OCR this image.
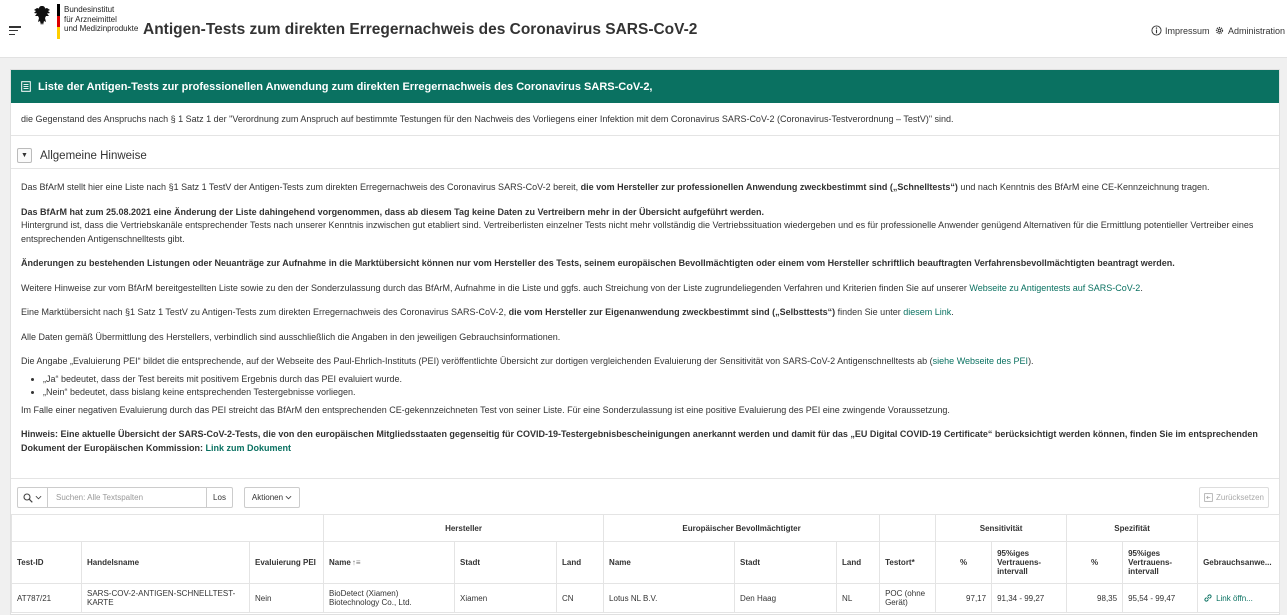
Bundesinstitut
für Arzneimittel
und Medizinprodukte Antigen-Tests zum direkten Erregernachweis des Coronavirus SARS-CoV-2	Impressum Administration
Liste der Antigen-Tests zur professionellen Anwendung zum direkten Erregernachweis des Coronavirus SARS-CoV-2,
die Gegenstand des Anspruchs nach § 1 Satz 1 der "Verordnung zum Anspruch auf bestimmte Testungen für den Nachweis des Vorliegens einer Infektion mit dem Coronavirus SARS-CoV-2 (Coronavirus-Testverordnung – TestV)" sind.
▼ Allgemeine Hinweise

Das BfArM stellt hier eine Liste nach §1 Satz 1 TestV der Antigen-Tests zum direkten Erregernachweis des Coronavirus SARS-CoV-2 bereit, die vom Hersteller zur professionellen Anwendung zweckbestimmt sind („Schnelltests“) und nach Kenntnis des BfArM eine CE-Kennzeichnung tragen.

Das BfArM hat zum 25.08.2021 eine Änderung der Liste dahingehend vorgenommen, dass ab diesem Tag keine Daten zu Vertreibern mehr in der Übersicht aufgeführt werden.

Hintergrund ist, dass die Vertriebskanäle entsprechender Tests nach unserer Kenntnis inzwischen gut etabliert sind. Vertreiberlisten einzelner Tests nicht mehr vollständig die Vertriebssituation wiedergeben und es für professionelle Anwender genügend Alternativen für die Ermittlung potentieller Vertreiber eines entsprechenden Antigenschnelltests gibt.

Änderungen zu bestehenden Listungen oder Neuanträge zur Aufnahme in die Marktübersicht können nur vom Hersteller des Tests, seinem europäischen Bevollmächtigten oder einem vom Hersteller schriftlich beauftragten Verfahrensbevollmächtigten beantragt werden.

Weitere Hinweise zur vom BfArM bereitgestellten Liste sowie zu den der Sonderzulassung durch das BfArM, Aufnahme in die Liste und ggfs. auch Streichung von der Liste zugrundeliegenden Verfahren und Kriterien finden Sie auf unserer Webseite zu Antigentests auf SARS-CoV-2.

Eine Marktübersicht nach §1 Satz 1 TestV zu Antigen-Tests zum direkten Erregernachweis des Coronavirus SARS-CoV-2, die vom Hersteller zur Eigenanwendung zweckbestimmt sind („Selbsttests“) finden Sie unter diesem Link.

Alle Daten gemäß Übermittlung des Herstellers, verbindlich sind ausschließlich die Angaben in den jeweiligen Gebrauchsinformationen.

Die Angabe „Evaluierung PEI“ bildet die entsprechende, auf der Webseite des Paul-Ehrlich-Instituts (PEI) veröffentlichte Übersicht zur dortigen vergleichenden Evaluierung der Sensitivität von SARS-CoV-2 Antigenschnelltests ab (siehe Webseite des PEI).

• „Ja“ bedeutet, dass der Test bereits mit positivem Ergebnis durch das PEI evaluiert wurde.
• „Nein“ bedeutet, dass bislang keine entsprechenden Testergebnisse vorliegen.

Im Falle einer negativen Evaluierung durch das PEI streicht das BfArM den entsprechenden CE-gekennzeichneten Test von seiner Liste. Für eine Sonderzulassung ist eine positive Evaluierung des PEI eine zwingende Voraussetzung.

Hinweis: Eine aktuelle Übersicht der SARS-CoV-2-Tests, die von den europäischen Mitgliedsstaaten gegenseitig für COVID-19-Testergebnisbescheinigungen anerkannt werden und damit für das „EU Digital COVID-19 Certificate“ berücksichtigt werden können, finden Sie im entsprechenden Dokument der Europäischen Kommission: Link zum Dokument

Suchen: Alle Textspalten
Los	Aktionen	Zurücksetzen
			Hersteller			Europäischer Bevollmächtigter				Sensitivität		Spezifität		
Test-ID	Handelsname	Evaluierung PEI	Name↑≡	Stadt	Land	Name	Stadt	Land	Testort*	%	95%iges Vertrauens-intervall	%	95%iges Vertrauens-intervall	Gebrauchsanwe...
AT787/21	SARS-COV-2-ANTIGEN-SCHNELLTEST-KARTE	Nein	BioDetect (Xiamen) Biotechnology Co., Ltd.	Xiamen	CN	Lotus NL B.V.	Den Haag	NL	POC (ohne Gerät)	97,17	91,34 - 99,27	98,35	95,54 - 99,47	Link öffn...
